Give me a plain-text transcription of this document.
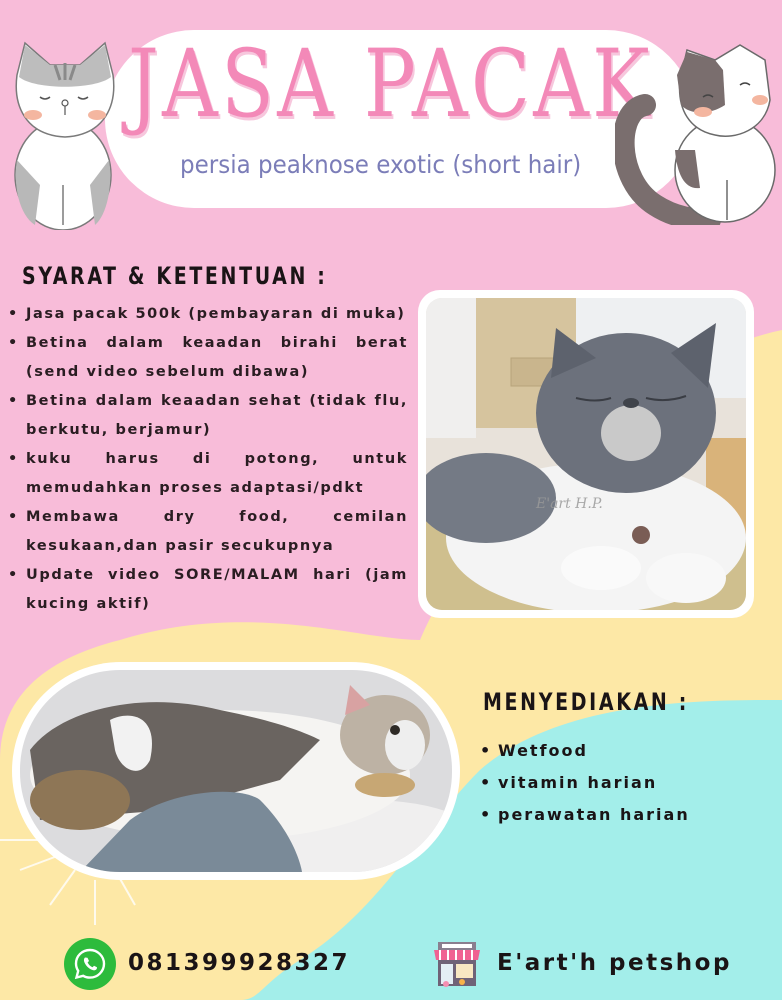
JASA PACAK
persia peaknose exotic (short hair)
SYARAT & KETENTUAN :
• Jasa pacak 500k (pembayaran di muka)
• Betina dalam keaadan birahi berat (send video sebelum dibawa)
• Betina dalam keaadan sehat (tidak flu, berkutu, berjamur)
• kuku harus di potong, untuk memudahkan proses adaptasi/pdkt
• Membawa dry food, cemilan kesukaan,dan pasir secukupnya
• Update video SORE/MALAM hari (jam kucing aktif)
E'art H.P.
MENYEDIAKAN :
• Wetfood
• vitamin harian
• perawatan harian
081399928327	E'art'h petshop
